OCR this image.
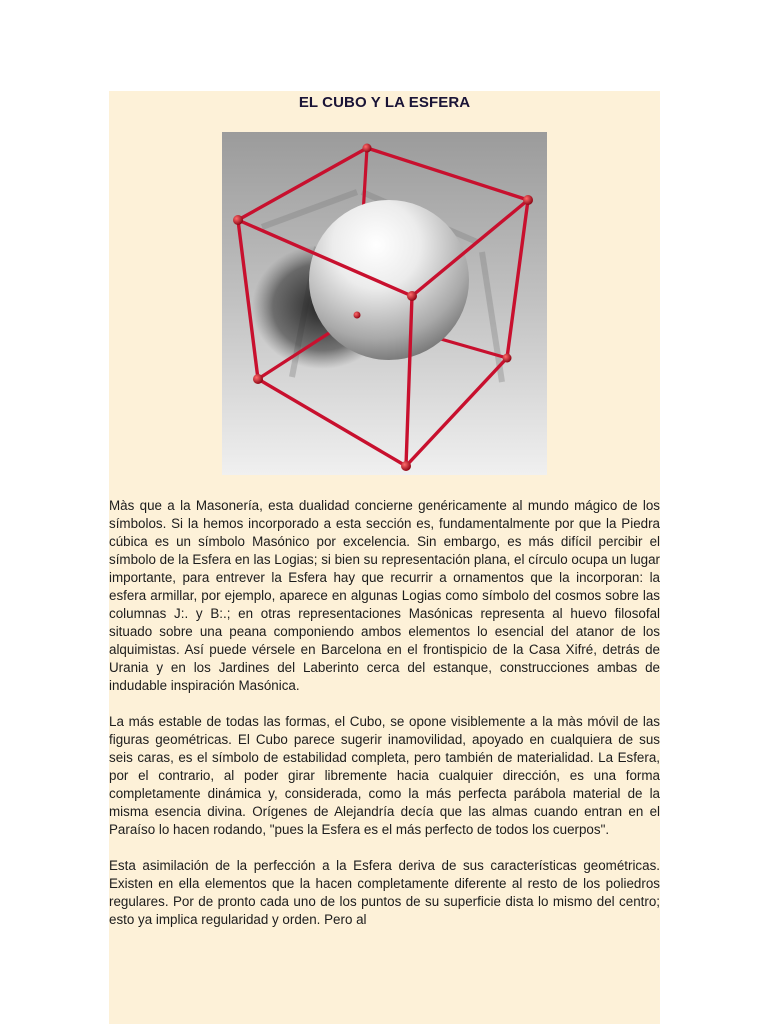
EL CUBO Y LA ESFERA

Màs que a la Masonería, esta dualidad concierne genéricamente al mundo mágico de los símbolos. Si la hemos incorporado a esta sección es, fundamentalmente por que la Piedra cúbica es un símbolo Masónico por excelencia. Sin embargo, es más difícil percibir el símbolo de la Esfera en las Logias; si bien su representación plana, el círculo ocupa un lugar importante, para entrever la Esfera hay que recurrir a ornamentos que la incorporan: la esfera armillar, por ejemplo, aparece en algunas Logias como símbolo del cosmos sobre las columnas J:. y B:.; en otras representaciones Masónicas representa al huevo filosofal situado sobre una peana componiendo ambos elementos lo esencial del atanor de los alquimistas. Así puede vérsele en Barcelona en el frontispicio de la Casa Xifré, detrás de Urania y en los Jardines del Laberinto cerca del estanque, construcciones ambas de indudable inspiración Masónica.

La más estable de todas las formas, el Cubo, se opone visiblemente a la màs móvil de las figuras geométricas. El Cubo parece sugerir inamovilidad, apoyado en cualquiera de sus seis caras, es el símbolo de estabilidad completa, pero también de materialidad. La Esfera, por el contrario, al poder girar libremente hacia cualquier dirección, es una forma completamente dinámica y, considerada, como la más perfecta parábola material de la misma esencia divina. Orígenes de Alejandría decía que las almas cuando entran en el Paraíso lo hacen rodando, "pues la Esfera es el más perfecto de todos los cuerpos".

Esta asimilación de la perfección a la Esfera deriva de sus características geométricas. Existen en ella elementos que la hacen completamente diferente al resto de los poliedros regulares. Por de pronto cada uno de los puntos de su superficie dista lo mismo del centro; esto ya implica regularidad y orden. Pero al
